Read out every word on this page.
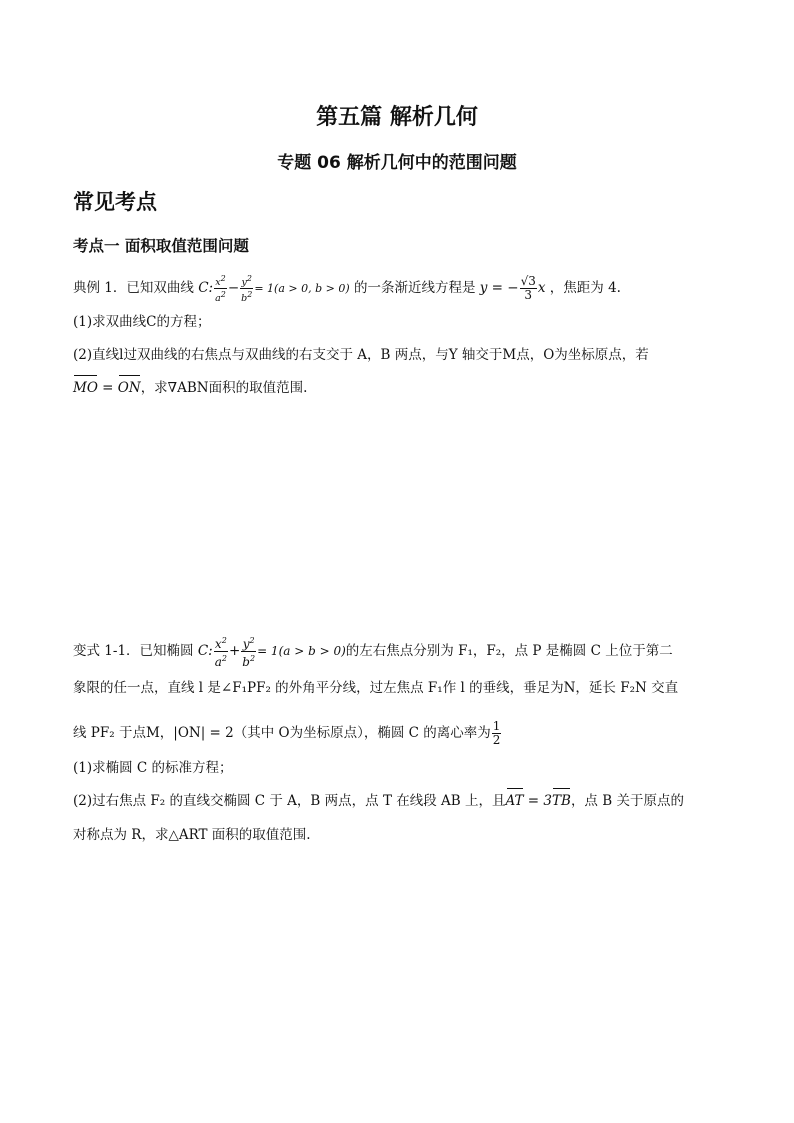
第五篇 解析几何
专题 06 解析几何中的范围问题
常见考点
考点一 面积取值范围问题
典例 1．已知双曲线 C: $\frac{x^2}{a^2} - \frac{y^2}{b^2} = 1(a > 0$, b > 0) 的一条渐近线方程是 y = − $\frac{√3}{3}$ x ，焦距为 4.
(1)求双曲线C的方程；
(2)直线l过双曲线的右焦点与双曲线的右支交于 A，B 两点，与Y 轴交于M点，O为坐标原点，若
MO = ON，求∇ABN面积的取值范围.
变式 1-1．已知椭圆 C: $\frac{x^2}{a^2} + \frac{y^2}{b^2} = 1(a > b > 0)$的左右焦点分别为 F₁，F₂，点 P 是椭圆 C 上位于第二
象限的任一点，直线 l 是∠F₁PF₂ 的外角平分线，过左焦点 F₁作 l 的垂线，垂足为N，延长 F₂N 交直
线 PF₂ 于点M，|ON| = 2（其中 O为坐标原点），椭圆 C 的离心率为 $\frac{1}{2}$
(1)求椭圆 C 的标准方程；
(2)过右焦点 F₂ 的直线交椭圆 C 于 A，B 两点，点 T 在线段 AB 上，且AT = 3TB，点 B 关于原点的
对称点为 R，求△ART 面积的取值范围.
